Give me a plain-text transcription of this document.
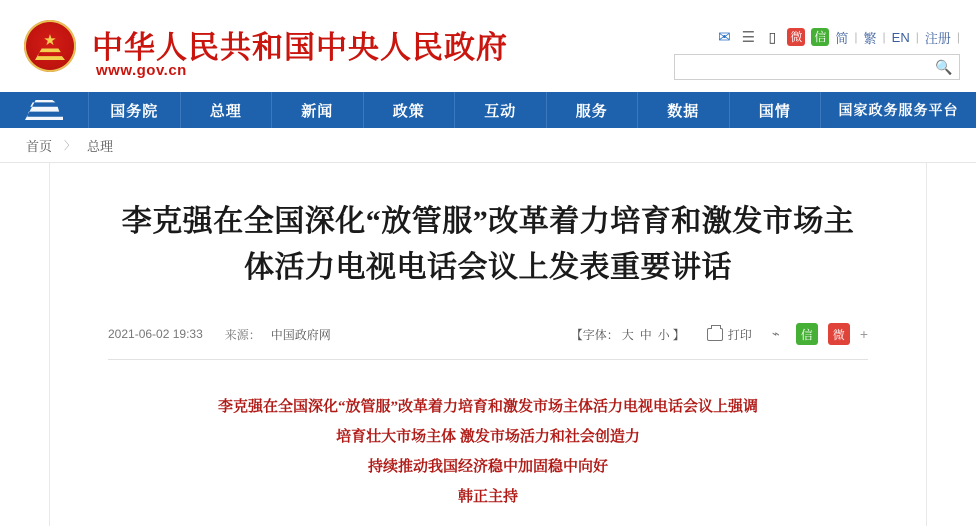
★ 中华人民共和国中央人民政府
www.gov.cn
✉ ☰ ▯	微 信 简 | 繁 | EN | 注册 |
🔍
国务院	总理	新闻	政策	互动	服务	数据	国情	国家政务服务平台
首页 〉 总理
李克强在全国深化“放管服”改革着力培育和激发市场主体活力电视电话会议上发表重要讲话
2021-06-02 19:33 来源： 中国政府网	【字体： 大 中 小 】	打印 ⌁	信	微	+
李克强在全国深化“放管服”改革着力培育和激发市场主体活力电视电话会议上强调
培育壮大市场主体 激发市场活力和社会创造力
持续推动我国经济稳中加固稳中向好
韩正主持
